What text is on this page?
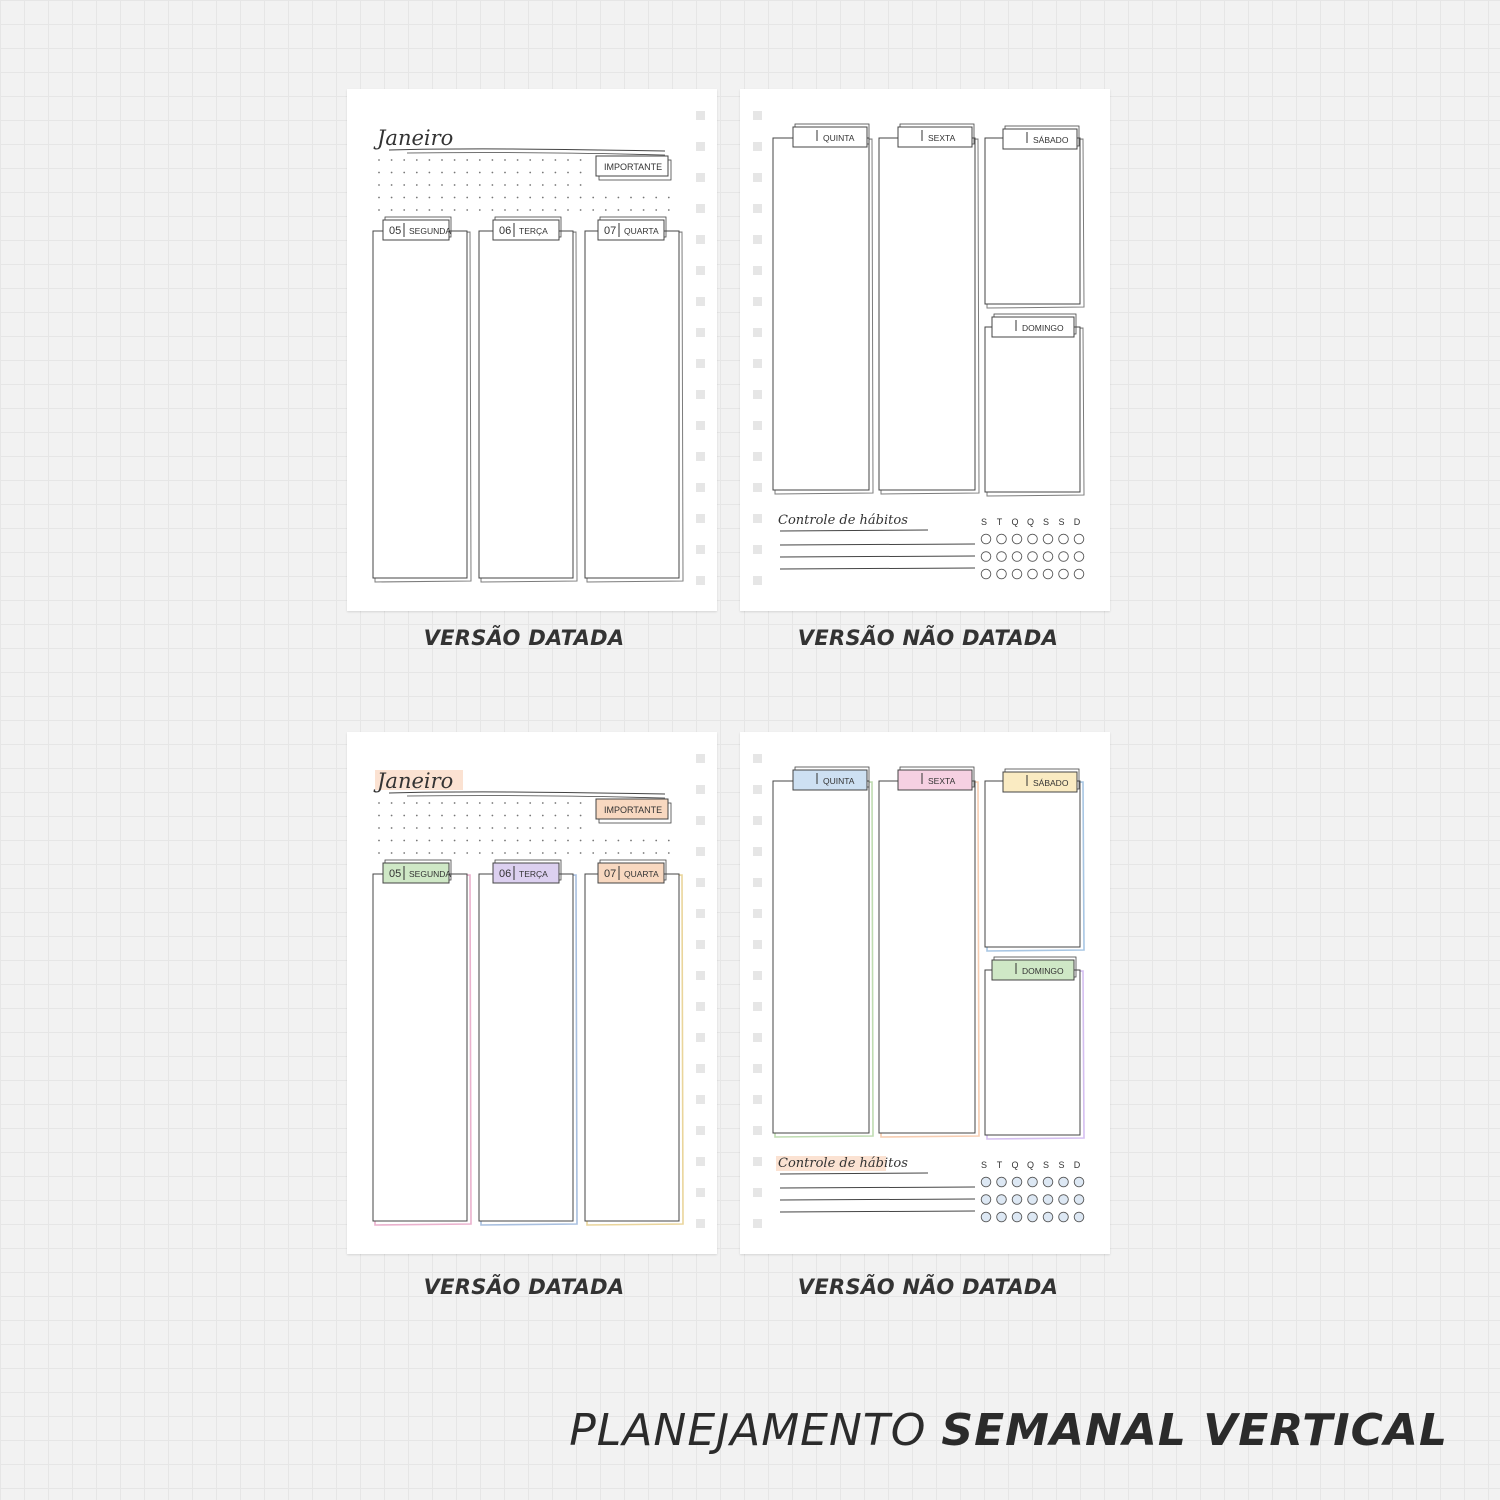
Janeiro
IMPORTANTE
05 SEGUNDA	06 TERÇA	07 QUARTA
VERSÃO DATADA
QUINTA	SEXTA	SÁBADO
DOMINGO
Controle de hábitos	S T Q Q S S D
VERSÃO NÃO DATADA
Janeiro
IMPORTANTE
05 SEGUNDA	06 TERÇA	07 QUARTA
VERSÃO DATADA
QUINTA	SEXTA	SÁBADO
DOMINGO
Controle de hábitos	S T Q Q S S D
VERSÃO NÃO DATADA
PLANEJAMENTO SEMANAL VERTICAL
